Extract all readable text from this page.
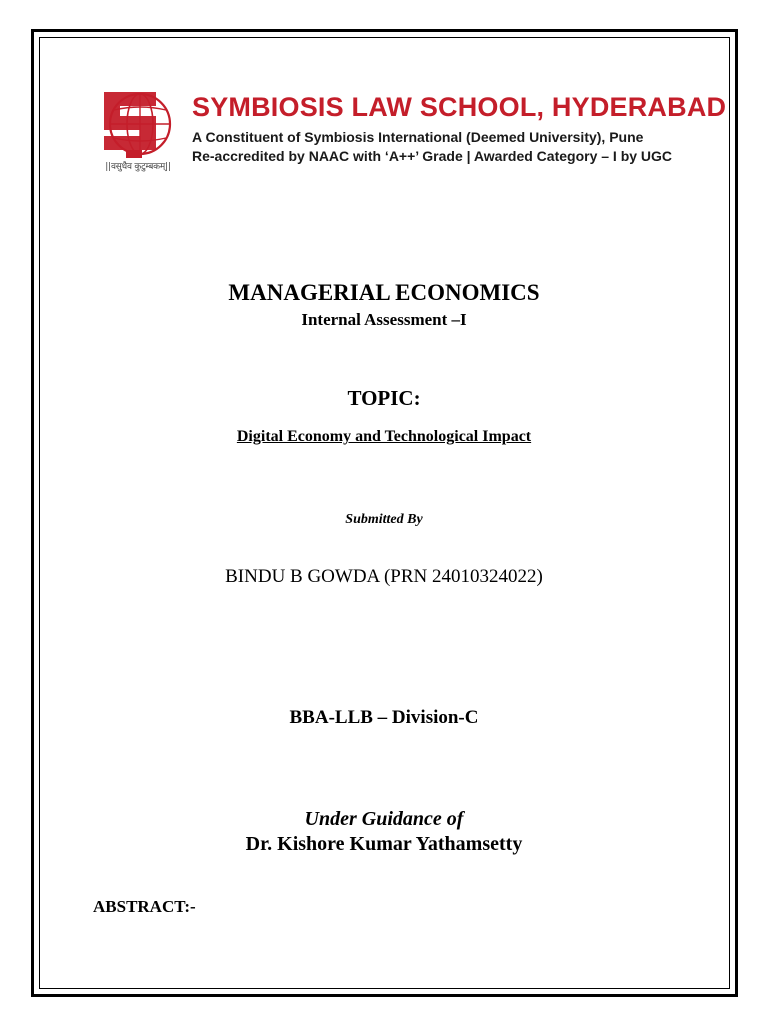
||वसुधैव कुटुम्बकम्||
SYMBIOSIS LAW SCHOOL, HYDERABAD
A Constituent of Symbiosis International (Deemed University), Pune
Re-accredited by NAAC with ‘A++’ Grade | Awarded Category – I by UGC
MANAGERIAL ECONOMICS
Internal Assessment –I
TOPIC:
Digital Economy and Technological Impact
Submitted By
BINDU B GOWDA (PRN 24010324022)
BBA-LLB – Division-C
Under Guidance of
Dr. Kishore Kumar Yathamsetty
ABSTRACT:-
